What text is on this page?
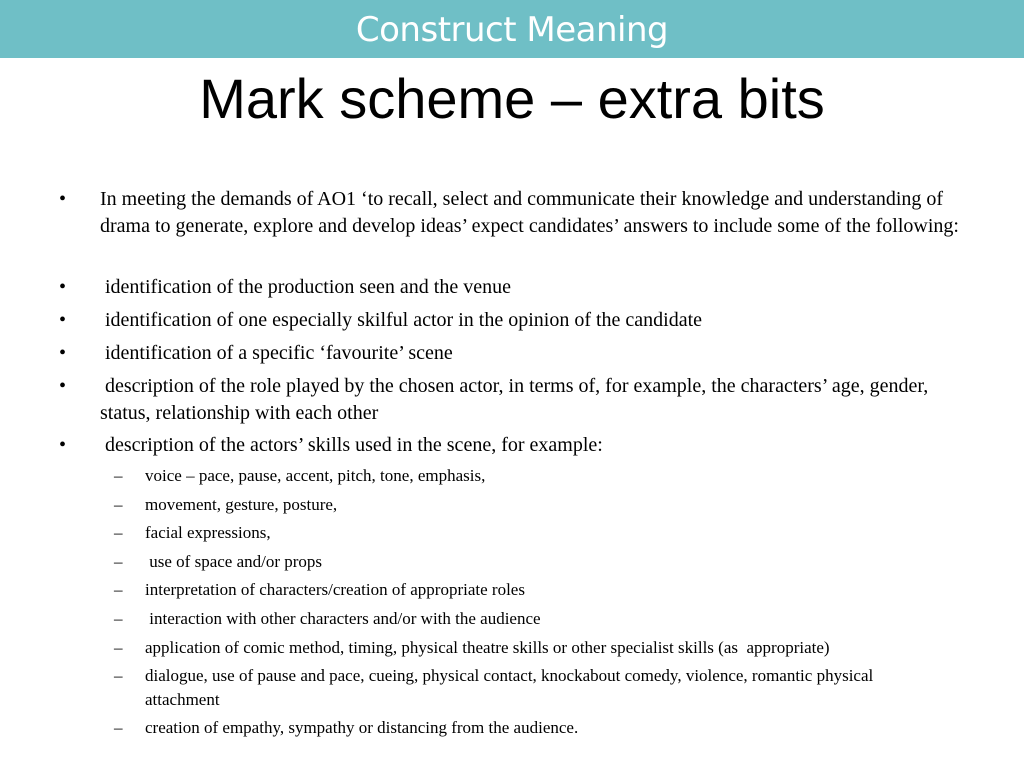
Construct Meaning
Mark scheme – extra bits
• In meeting the demands of AO1 ‘to recall, select and communicate their knowledge and understanding of drama to generate, explore and develop ideas’ expect candidates’ answers to include some of the following:
• identification of the production seen and the venue
• identification of one especially skilful actor in the opinion of the candidate
• identification of a specific ‘favourite’ scene
• description of the role played by the chosen actor, in terms of, for example, the characters’ age, gender, status, relationship with each other
• description of the actors’ skills used in the scene, for example:
– voice – pace, pause, accent, pitch, tone, emphasis,
– movement, gesture, posture,
– facial expressions,
– use of space and/or props
– interpretation of characters/creation of appropriate roles
– interaction with other characters and/or with the audience
– application of comic method, timing, physical theatre skills or other specialist skills (as  appropriate)
– dialogue, use of pause and pace, cueing, physical contact, knockabout comedy, violence, romantic physical attachment
– creation of empathy, sympathy or distancing from the audience.
